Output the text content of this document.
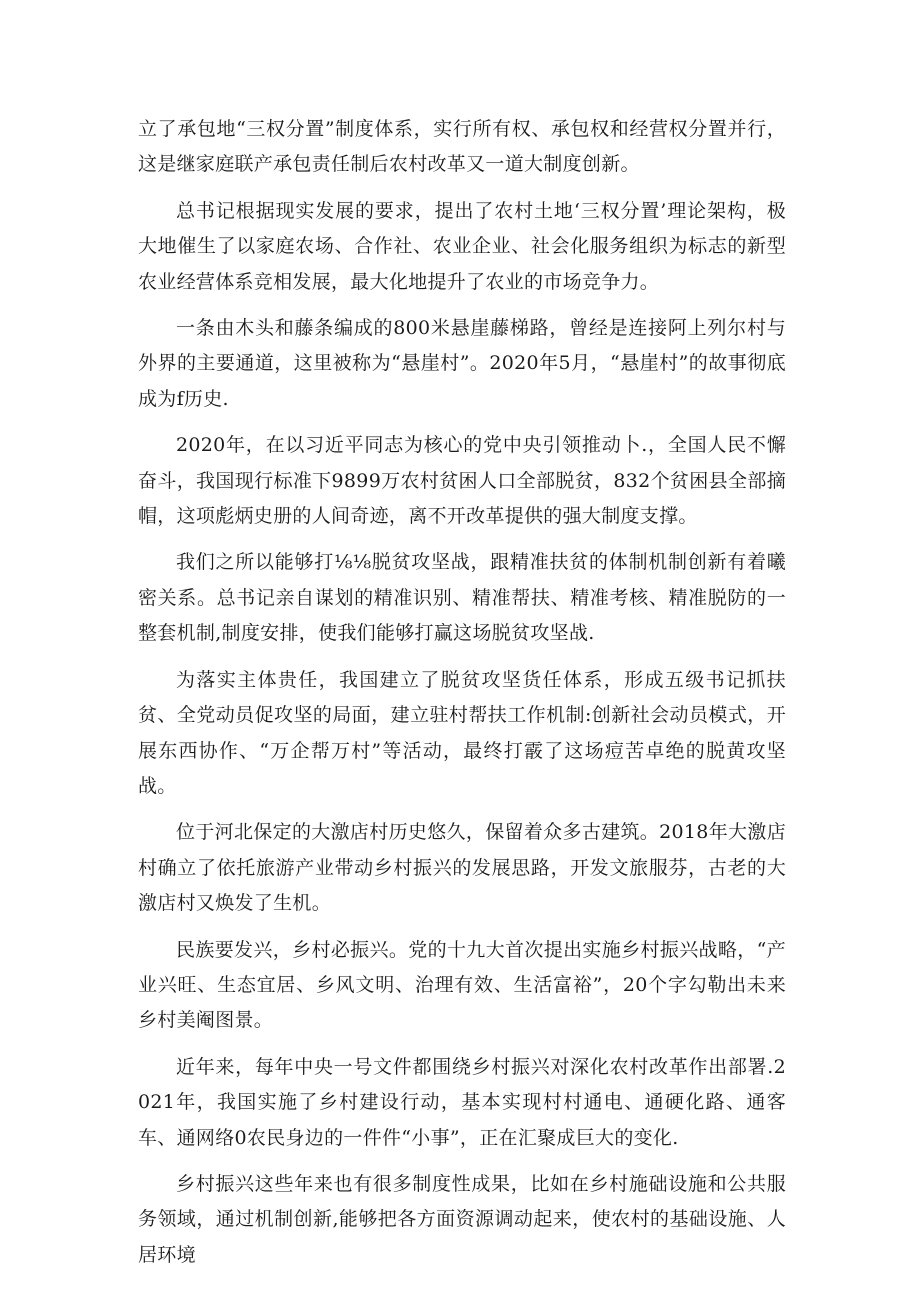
立了承包地“三权分置”制度体系，实行所有权、承包权和经营权分置并行，这是继家庭联产承包责任制后农村改革又一道大制度创新。

总书记根据现实发展的要求，提出了农村土地‘三权分置’理论架构，极大地催生了以家庭农场、合作社、农业企业、社会化服务组织为标志的新型农业经营体系竞相发展，最大化地提升了农业的市场竞争力。

一条由木头和藤条编成的800米悬崖藤梯路，曾经是连接阿上列尔村与外界的主要通道，这里被称为“悬崖村”。2020年5月，“悬崖村”的故事彻底成为f历史.

2020年，在以习近平同志为核心的党中央引领推动卜.，全国人民不懈奋斗，我国现行标准下9899万农村贫困人口全部脱贫，832个贫困县全部摘帽，这项彪炳史册的人间奇迹，离不开改革提供的强大制度支撑。

我们之所以能够打⅛⅛脱贫攻坚战，跟精准扶贫的体制机制创新有着曦密关系。总书记亲自谋划的精准识别、精准帮扶、精准考核、精准脱防的一整套机制,制度安排，使我们能够打赢这场脱贫攻坚战.

为落实主体贵任，我国建立了脱贫攻坚货任体系，形成五级书记抓扶贫、全党动员促攻坚的局面，建立驻村帮扶工作机制:创新社会动员模式，开展东西协作、“万企帮万村”等活动，最终打霰了这场痘苦卓绝的脱黄攻坚战。

位于河北保定的大激店村历史悠久，保留着众多古建筑。2018年大激店村确立了依托旅游产业带动乡村振兴的发展思路，开发文旅服芬，古老的大激店村又焕发了生机。

民族要发兴，乡村必振兴。党的十九大首次提出实施乡村振兴战略，“产业兴旺、生态宜居、乡风文明、治理有效、生活富裕”，20个字勾勒出未来乡村美阉图景。

近年来，每年中央一号文件都围绕乡村振兴对深化农村改革作出部署.2021年，我国实施了乡村建设行动，基本实现村村通电、通硬化路、通客车、通网络0农民身边的一件件“小事”，正在汇聚成巨大的变化.

乡村振兴这些年来也有很多制度性成果，比如在乡村施础设施和公共服务领域，通过机制创新,能够把各方面资源调动起来，使农村的基础设施、人居环境
